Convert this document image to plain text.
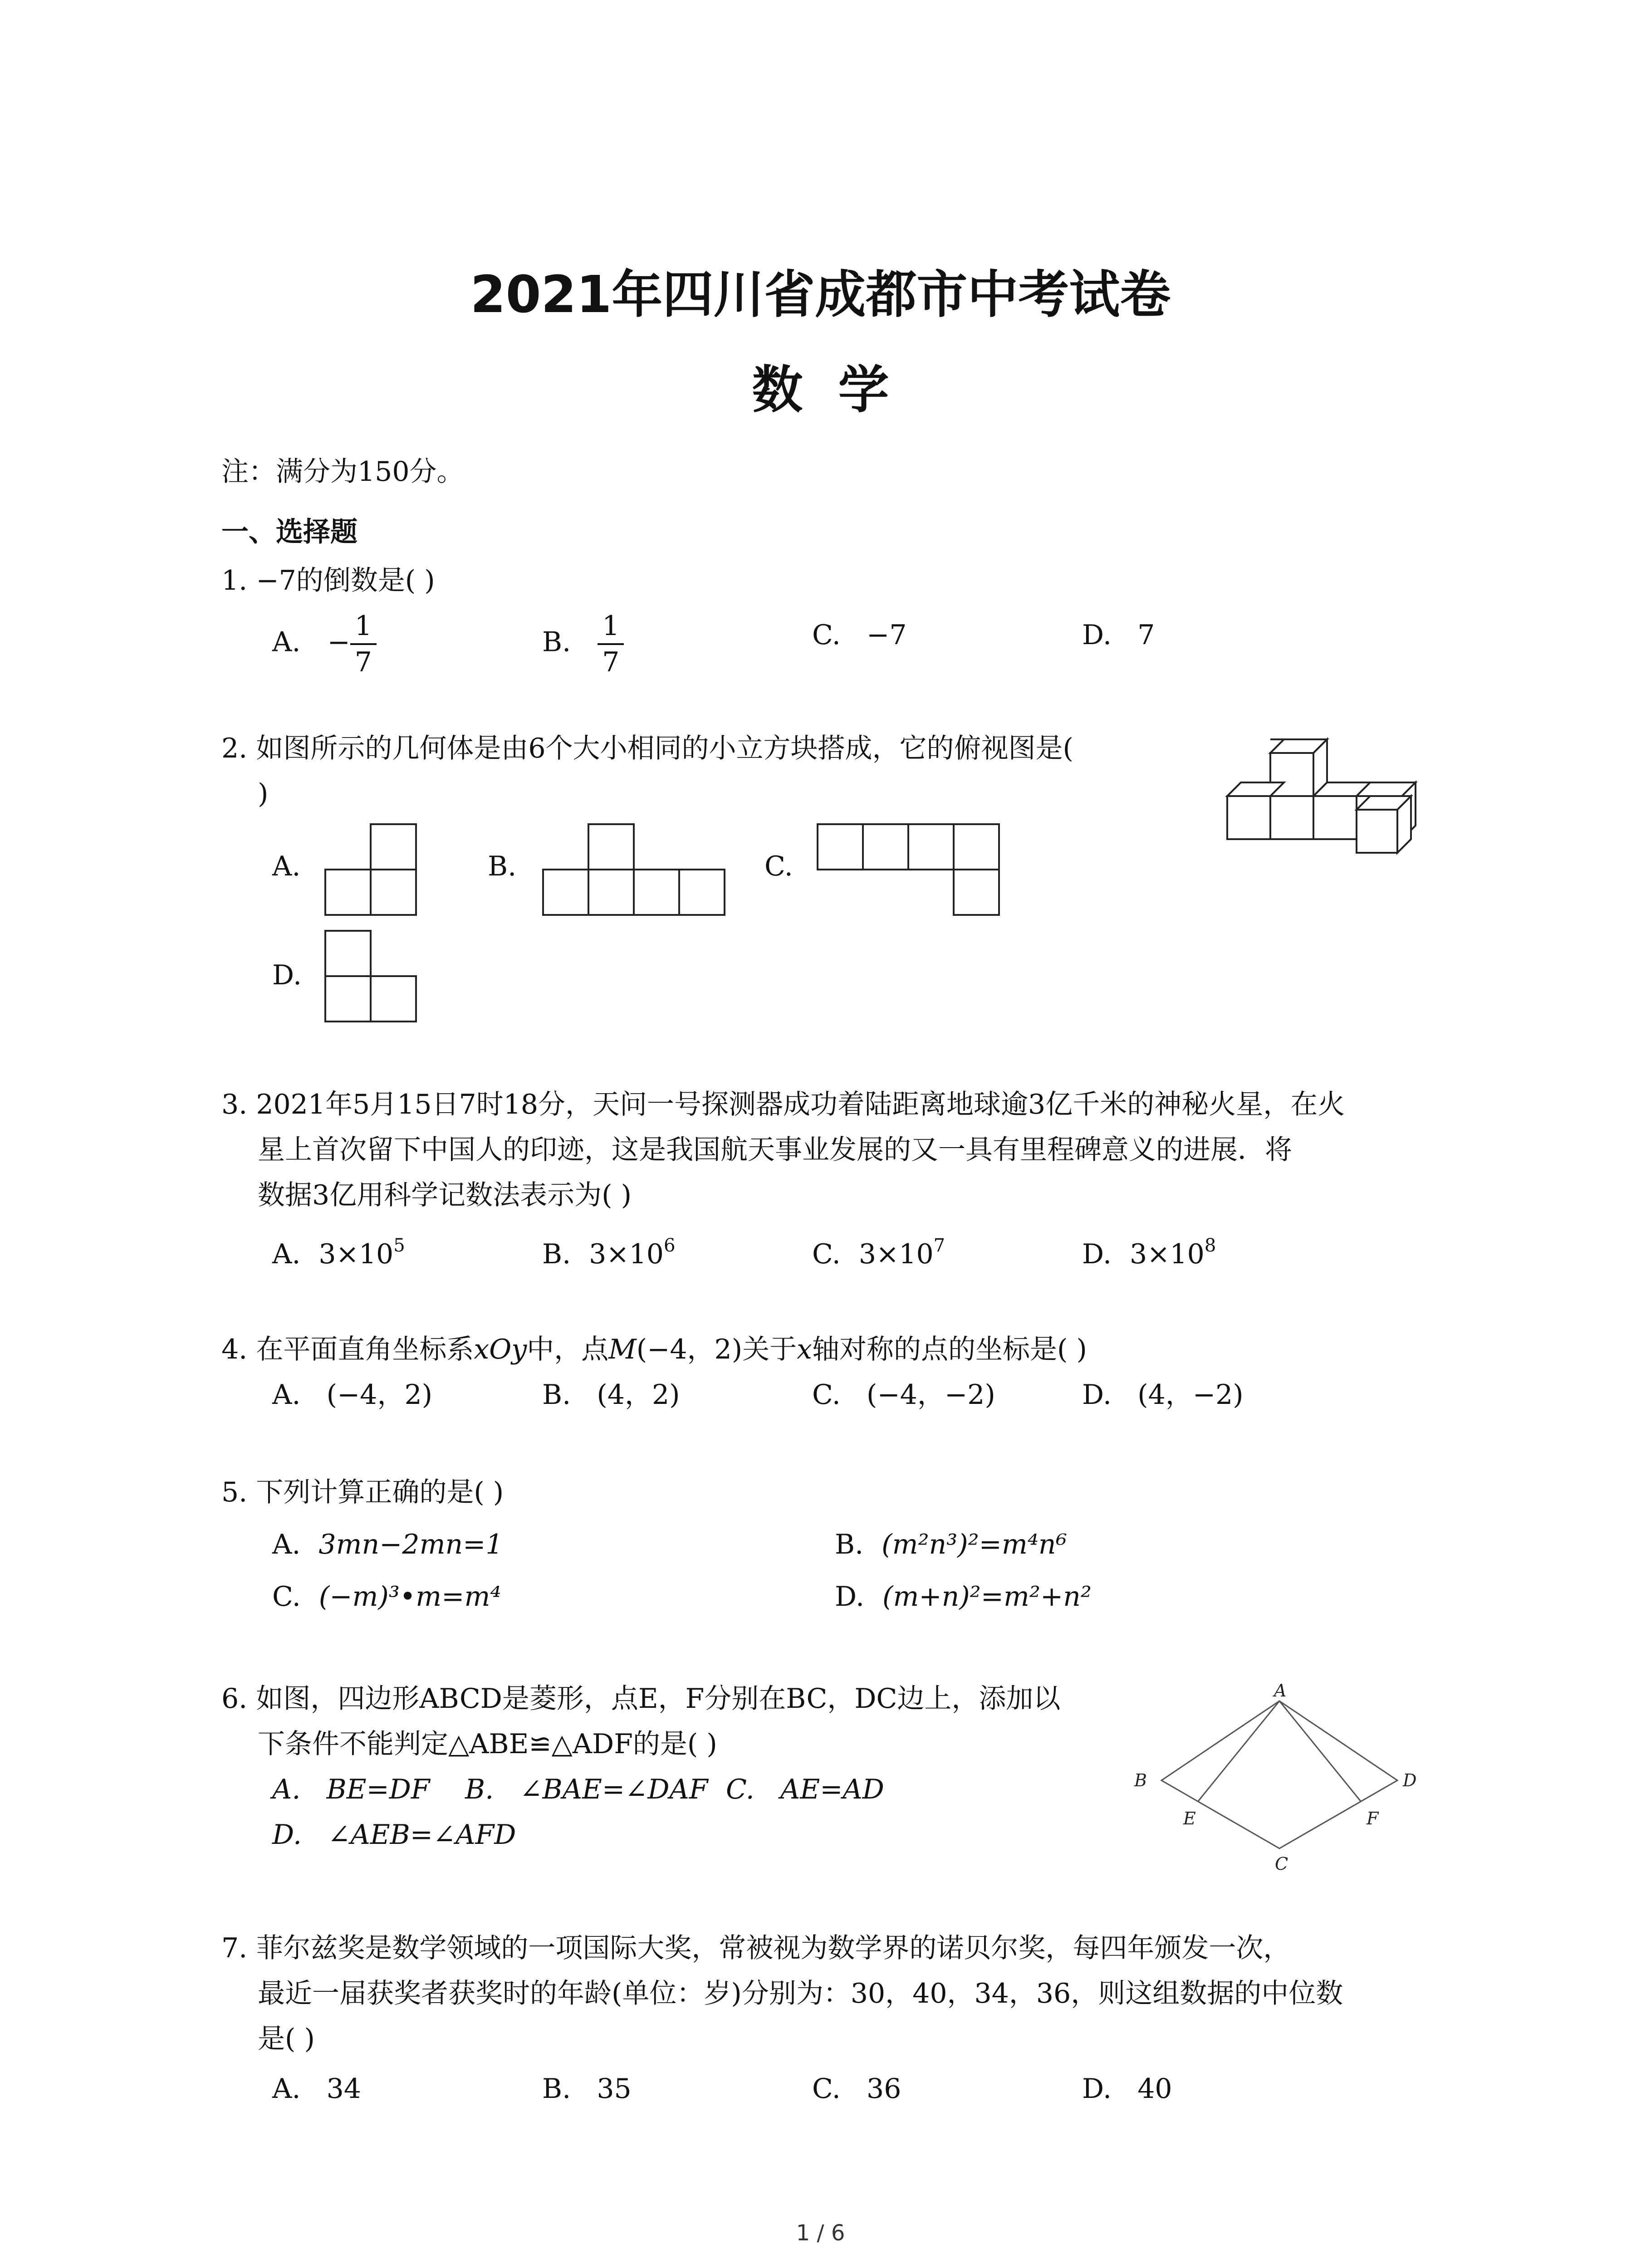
2021年四川省成都市中考试卷
数  学
注：满分为150分。
一、选择题
1. −7的倒数是( )
A. − $\frac{1}{7}$	B. $\frac{1}{7}$	C.   −7	D.   7
2. 如图所示的几何体是由6个大小相同的小立方块搭成，它的俯视图是(
)
A.	B.	C.
D.
3. 2021年5月15日7时18分，天问一号探测器成功着陆距离地球逾3亿千米的神秘火星，在火
星上首次留下中国人的印迹，这是我国航天事业发展的又一具有里程碑意义的进展．将
数据3亿用科学记数法表示为( )
A. $3\times 10^5$	B. $3\times 10^6$	C. $3\times 10^7$	D. $3\times 10^8$
4. 在平面直角坐标系xOy中，点M(−4，2)关于x轴对称的点的坐标是( )
A.   (−4，2)	B.   (4，2)	C.   (−4，−2)	D.   (4，−2)
5. 下列计算正确的是( )
A. 3mn−2mn=1	B. (m²n³)²=m⁴n⁶
C. (−m)³•m=m⁴	D. (m+n)²=m²+n²
6. 如图，四边形ABCD是菱形，点E，F分别在BC，DC边上，添加以
下条件不能判定△ABE≌△ADF的是( )
A.   BE=DF B.   ∠BAE=∠DAF C.   AE=AD
D.   ∠AEB=∠AFD
A
B
C
D
E	F
7. 菲尔兹奖是数学领域的一项国际大奖，常被视为数学界的诺贝尔奖，每四年颁发一次，
最近一届获奖者获奖时的年龄(单位：岁)分别为：30，40，34，36，则这组数据的中位数
是( )
A.   34	B.   35	C.   36	D.   40
1 / 6
